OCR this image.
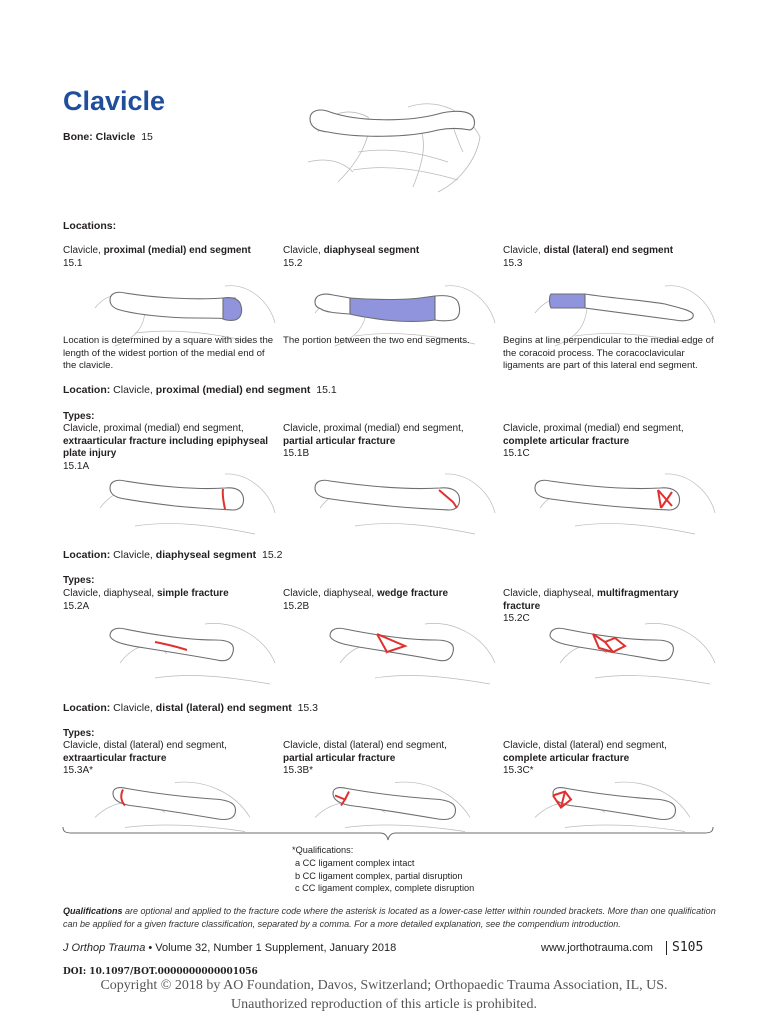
Clavicle
Bone: Clavicle 15
Locations:
Clavicle, proximal (medial) end segment
15.1
Clavicle, diaphyseal segment
15.2
Clavicle, distal (lateral) end segment
15.3
Location is determined by a square with sides the length of the widest portion of the medial end of the clavicle.
The portion between the two end segments.	Begins at line perpendicular to the medial edge of the coracoid process. The coracoclavicular ligaments are part of this lateral end segment.
Location: Clavicle, proximal (medial) end segment 15.1
Types:
Clavicle, proximal (medial) end segment,
extraarticular fracture including epiphyseal plate injury
15.1A
Clavicle, proximal (medial) end segment,
partial articular fracture
15.1B
Clavicle, proximal (medial) end segment,
complete articular fracture
15.1C
Location: Clavicle, diaphyseal segment 15.2
Types:
Clavicle, diaphyseal, simple fracture
15.2A
Clavicle, diaphyseal, wedge fracture
15.2B
Clavicle, diaphyseal, multifragmentary fracture
15.2C
Location: Clavicle, distal (lateral) end segment 15.3
Types:
Clavicle, distal (lateral) end segment,
extraarticular fracture
15.3A*
Clavicle, distal (lateral) end segment,
partial articular fracture
15.3B*
Clavicle, distal (lateral) end segment,
complete articular fracture
15.3C*
*Qualifications:
a CC ligament complex intact
b CC ligament complex, partial disruption
c CC ligament complex, complete disruption
Qualifications are optional and applied to the fracture code where the asterisk is located as a lower-case letter within rounded brackets. More than one qualification can be applied for a given fracture classification, separated by a comma. For a more detailed explanation, see the compendium introduction.
J Orthop Trauma • Volume 32, Number 1 Supplement, January 2018	www.jorthotrauma.com S105
DOI: 10.1097/BOT.0000000000001056
Copyright © 2018 by AO Foundation, Davos, Switzerland; Orthopaedic Trauma Association, IL, US.
Unauthorized reproduction of this article is prohibited.
